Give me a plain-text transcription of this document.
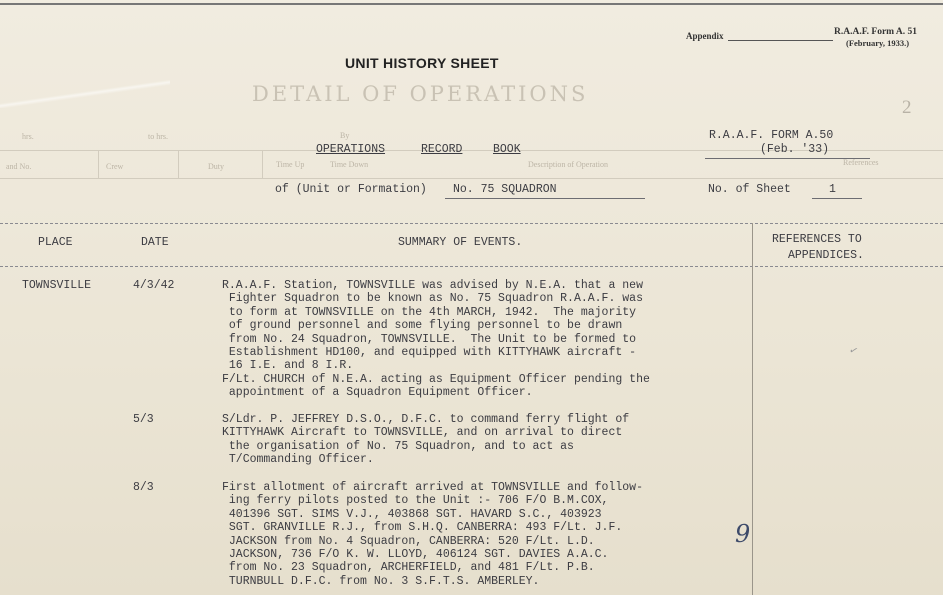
Appendix	R.A.A.F. Form A. 51
(February, 1933.)
UNIT HISTORY SHEET
DETAIL OF OPERATIONS
2
hrs.	to hrs.	By
and No.	Crew	Duty	Time Up	Time Down	Description of Operation	References
OPERATIONS	RECORD	BOOK
R.A.A.F. FORM A.50
(Feb. '33)
of (Unit or Formation) No. 75 SQUADRON	No. of Sheet	1
PLACE	DATE	SUMMARY OF EVENTS.	REFERENCES TO
APPENDICES.
TOWNSVILLE	4/3/42	R.A.A.F. Station, TOWNSVILLE was advised by N.E.A. that a new
Fighter Squadron to be known as No. 75 Squadron R.A.A.F. was
to form at TOWNSVILLE on the 4th MARCH, 1942.  The majority
of ground personnel and some flying personnel to be drawn
from No. 24 Squadron, TOWNSVILLE.  The Unit to be formed to
Establishment HD100, and equipped with KITTYHAWK aircraft -
16 I.E. and 8 I.R.
F/Lt. CHURCH of N.E.A. acting as Equipment Officer pending the
appointment of a Squadron Equipment Officer.
5/3	S/Ldr. P. JEFFREY D.S.O., D.F.C. to command ferry flight of
KITTYHAWK Aircraft to TOWNSVILLE, and on arrival to direct
the organisation of No. 75 Squadron, and to act as
T/Commanding Officer.
8/3	First allotment of aircraft arrived at TOWNSVILLE and follow-
ing ferry pilots posted to the Unit :- 706 F/O B.M.COX,
401396 SGT. SIMS V.J., 403868 SGT. HAVARD S.C., 403923
SGT. GRANVILLE R.J., from S.H.Q. CANBERRA: 493 F/Lt. J.F.
JACKSON from No. 4 Squadron, CANBERRA: 520 F/Lt. L.D.
JACKSON, 736 F/O K. W. LLOYD, 406124 SGT. DAVIES A.A.C.
from No. 23 Squadron, ARCHERFIELD, and 481 F/Lt. P.B.
TURNBULL D.F.C. from No. 3 S.F.T.S. AMBERLEY.
9
✓
